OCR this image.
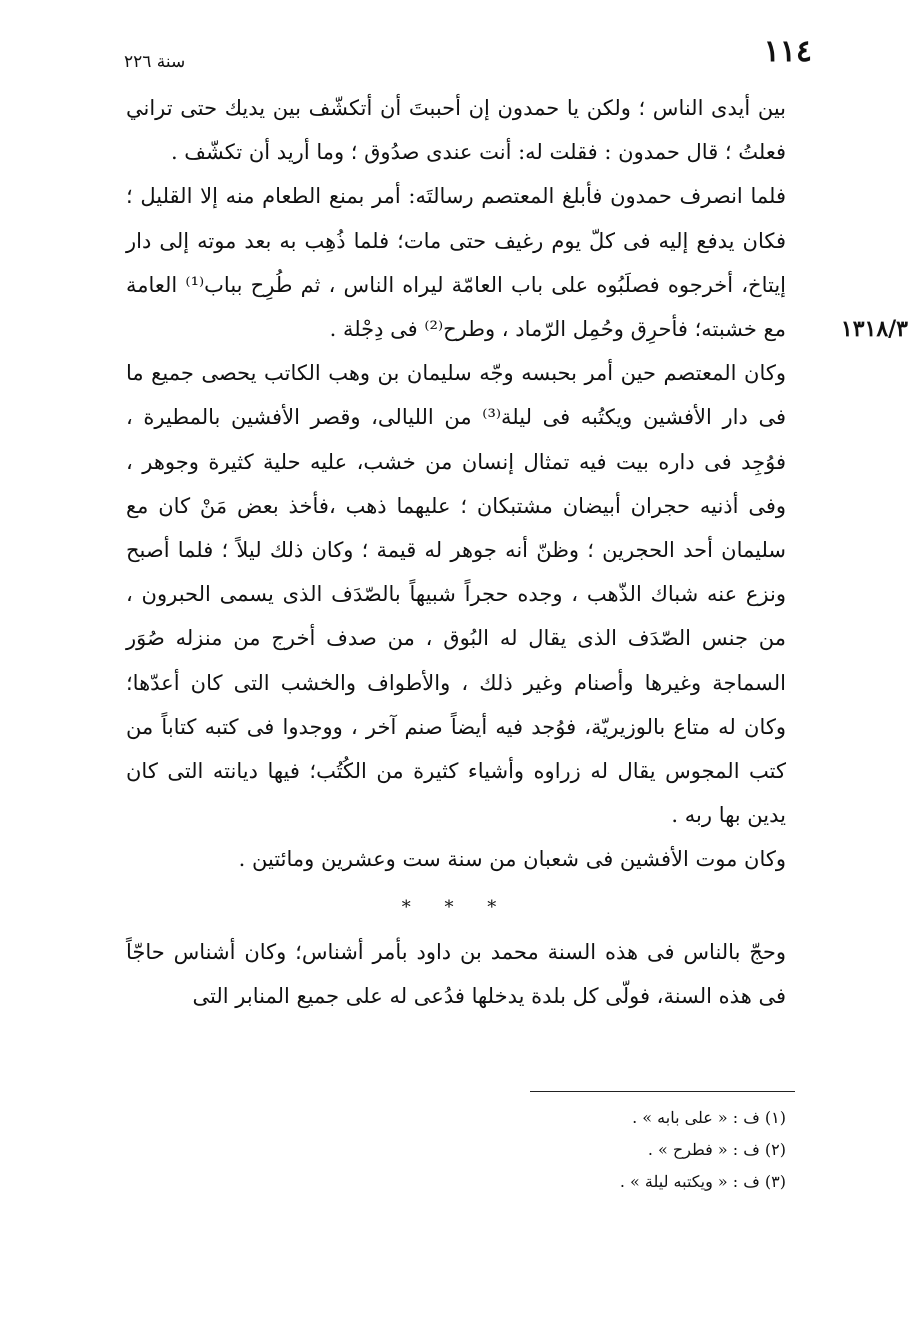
١١٤
سنة ٢٢٦
١٣١٨/٣

بين أيدى الناس ؛ ولكن يا حمدون إن أحببتَ أن أتكشّف بين يديك حتى تراني فعلتُ ؛ قال حمدون : فقلت له: أنت عندى صدُوق ؛ وما أريد أن تكشّف .

فلما انصرف حمدون فأبلغ المعتصم رسالتَه: أمر بمنع الطعام منه إلا القليل ؛ فكان يدفع إليه فى كلّ يوم رغيف حتى مات؛ فلما ذُهِب به بعد موته إلى دار إيتاخ، أخرجوه فصلَبُوه على باب العامّة ليراه الناس ، ثم طُرِح بباب⁽¹⁾ العامة مع خشبته؛ فأحرِق وحُمِل الرّماد ، وطرح⁽²⁾ فى دِجْلة .

وكان المعتصم حين أمر بحبسه وجّه سليمان بن وهب الكاتب يحصى جميع ما فى دار الأفشين ويكتُبه فى ليلة⁽³⁾ من الليالى، وقصر الأفشين بالمطيرة ، فوُجِد فى داره بيت فيه تمثال إنسان من خشب، عليه حلية كثيرة وجوهر ، وفى أذنيه حجران أبيضان مشتبكان ؛ عليهما ذهب ،فأخذ بعض مَنْ كان مع سليمان أحد الحجرين ؛ وظنّ أنه جوهر له قيمة ؛ وكان ذلك ليلاً ؛ فلما أصبح ونزع عنه شباك الذّهب ، وجده حجراً شبيهاً بالصّدَف الذى يسمى الحبرون ، من جنس الصّدَف الذى يقال له البُوق ، من صدف أخرج من منزله صُوَر السماجة وغيرها وأصنام وغير ذلك ، والأطواف والخشب التى كان أعدّها؛ وكان له متاع بالوزيريّة، فوُجد فيه أيضاً صنم آخر ، ووجدوا فى كتبه كتاباً من كتب المجوس يقال له زراوه وأشياء كثيرة من الكُتُب؛ فيها ديانته التى كان يدين بها ربه .

وكان موت الأفشين فى شعبان من سنة ست وعشرين ومائتين .

* * *

وحجّ بالناس فى هذه السنة محمد بن داود بأمر أشناس؛ وكان أشناس حاجّاً فى هذه السنة، فولّى كل بلدة يدخلها فدُعى له على جميع المنابر التى

(١) ف : « على بابه » .
(٢) ف : « فطرح » .
(٣) ف : « ويكتبه ليلة » .
